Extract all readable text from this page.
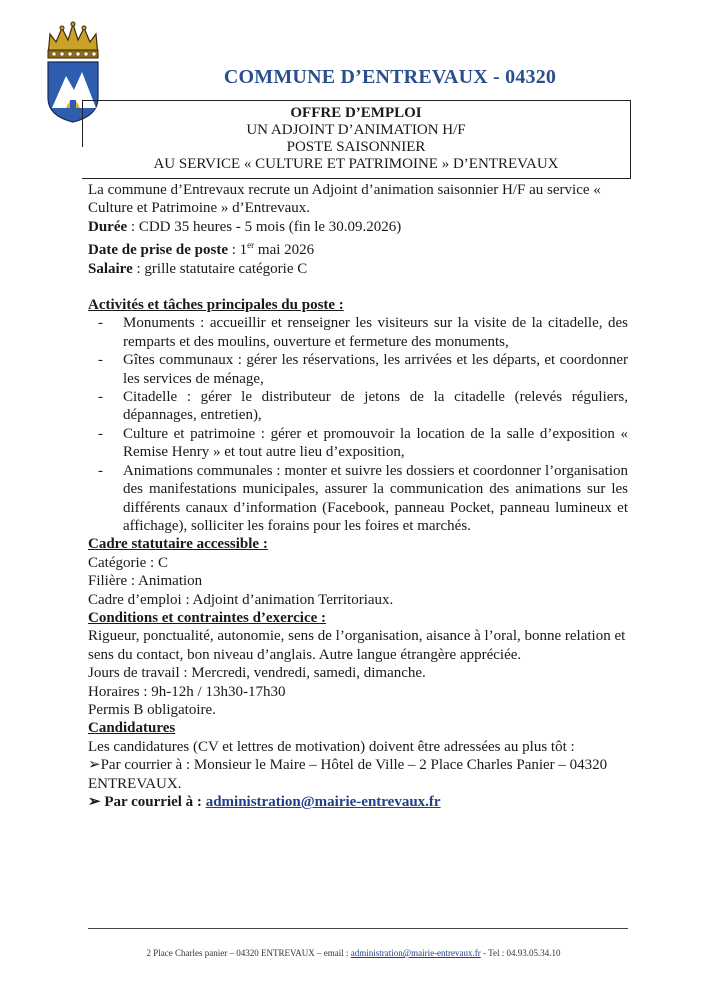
COMMUNE D’ENTREVAUX - 04320
OFFRE D’EMPLOI
UN ADJOINT D’ANIMATION H/F
POSTE SAISONNIER
AU SERVICE « CULTURE ET PATRIMOINE » D’ENTREVAUX

La commune d’Entrevaux recrute un Adjoint d’animation saisonnier H/F au service « Culture et Patrimoine » d’Entrevaux.

Durée : CDD 35 heures - 5 mois (fin le 30.09.2026)

Date de prise de poste : 1er mai 2026

Salaire : grille statutaire catégorie C

Activités et tâches principales du poste :

- Monuments : accueillir et renseigner les visiteurs sur la visite de la citadelle, des remparts et des moulins, ouverture et fermeture des monuments,
- Gîtes communaux : gérer les réservations, les arrivées et les départs, et coordonner les services de ménage,
- Citadelle : gérer le distributeur de jetons de la citadelle (relevés réguliers, dépannages, entretien),
- Culture et patrimoine : gérer et promouvoir la location de la salle d’exposition « Remise Henry » et tout autre lieu d’exposition,
- Animations communales : monter et suivre les dossiers et coordonner l’organisation des manifestations municipales, assurer la communication des animations sur les différents canaux d’information (Facebook, panneau Pocket, panneau lumineux et affichage), solliciter les forains pour les foires et marchés.

Cadre statutaire accessible :

Catégorie : C

Filière : Animation

Cadre d’emploi : Adjoint d’animation Territoriaux.

Conditions et contraintes d’exercice :

Rigueur, ponctualité, autonomie, sens de l’organisation, aisance à l’oral, bonne relation et sens du contact, bon niveau d’anglais. Autre langue étrangère appréciée.

Jours de travail : Mercredi, vendredi, samedi, dimanche.

Horaires : 9h-12h / 13h30-17h30

Permis B obligatoire.

Candidatures

Les candidatures (CV et lettres de motivation) doivent être adressées au plus tôt :

➢Par courrier à : Monsieur le Maire – Hôtel de Ville – 2 Place Charles Panier – 04320 ENTREVAUX.

➢ Par courriel à : administration@mairie-entrevaux.fr

2 Place Charles panier – 04320 ENTREVAUX – email : administration@mairie-entrevaux.fr - Tel : 04.93.05.34.10
